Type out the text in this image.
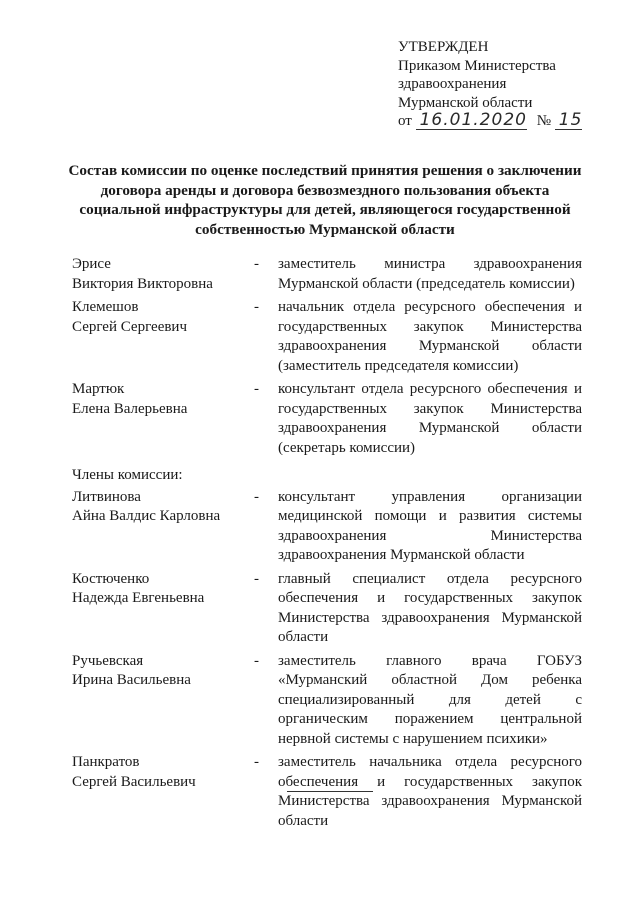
УТВЕРЖДЕН
Приказом Министерства
здравоохранения
Мурманской области
от 16.01.2020 № 15
Состав комиссии по оценке последствий принятия решения о заключении договора аренды и договора безвозмездного пользования объекта социальной инфраструктуры для детей, являющегося государственной собственностью Мурманской области
Эрисе
Виктория Викторовна
-	заместитель министра здравоохранения Мурманской области (председатель комиссии)
Клемешов
Сергей Сергеевич
-	начальник отдела ресурсного обеспечения и государственных закупок Министерства здравоохранения Мурманской области (заместитель председателя комиссии)
Мартюк
Елена Валерьевна
-	консультант отдела ресурсного обеспечения и государственных закупок Министерства здравоохранения Мурманской области (секретарь комиссии)
Члены комиссии:
Литвинова
Айна Валдис Карловна
-	консультант управления организации медицинской помощи и развития системы здравоохранения Министерства здравоохранения Мурманской области
Костюченко
Надежда Евгеньевна
-	главный специалист отдела ресурсного обеспечения и государственных закупок Министерства здравоохранения Мурманской области
Ручьевская
Ирина Васильевна
-	заместитель главного врача ГОБУЗ «Мурманский областной Дом ребенка специализированный для детей с органическим поражением центральной нервной системы с нарушением психики»
Панкратов
Сергей Васильевич
-	заместитель начальника отдела ресурсного обеспечения и государственных закупок Министерства здравоохранения Мурманской области
